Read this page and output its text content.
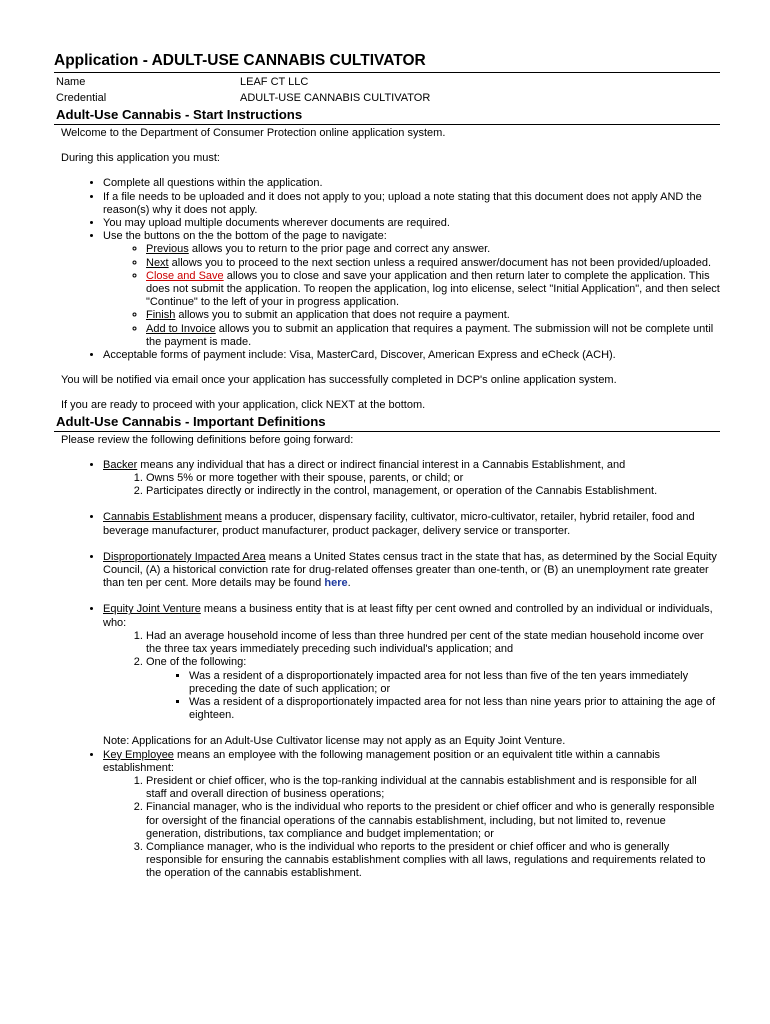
Application - ADULT-USE CANNABIS CULTIVATOR
Name	LEAF CT LLC
Credential	ADULT-USE CANNABIS CULTIVATOR
Adult-Use Cannabis - Start Instructions

Welcome to the Department of Consumer Protection online application system.

During this application you must:

• Complete all questions within the application.
• If a file needs to be uploaded and it does not apply to you; upload a note stating that this document does not apply AND the reason(s) why it does not apply.
• You may upload multiple documents wherever documents are required.
• Use the buttons on the the bottom of the page to navigate:
◦ Previous allows you to return to the prior page and correct any answer.
◦ Next allows you to proceed to the next section unless a required answer/document has not been provided/uploaded.
◦ Close and Save allows you to close and save your application and then return later to complete the application. This does not submit the application. To reopen the application, log into elicense, select "Initial Application", and then select "Continue" to the left of your in progress application.
◦ Finish allows you to submit an application that does not require a payment.
◦ Add to Invoice allows you to submit an application that requires a payment. The submission will not be complete until the payment is made.
• Acceptable forms of payment include: Visa, MasterCard, Discover, American Express and eCheck (ACH).

You will be notified via email once your application has successfully completed in DCP's online application system.

If you are ready to proceed with your application, click NEXT at the bottom.

Adult-Use Cannabis - Important Definitions

Please review the following definitions before going forward:

• Backer means any individual that has a direct or indirect financial interest in a Cannabis Establishment, and
1. Owns 5% or more together with their spouse, parents, or child; or
2. Participates directly or indirectly in the control, management, or operation of the Cannabis Establishment.
• Cannabis Establishment means a producer, dispensary facility, cultivator, micro-cultivator, retailer, hybrid retailer, food and beverage manufacturer, product manufacturer, product packager, delivery service or transporter.
• Disproportionately Impacted Area means a United States census tract in the state that has, as determined by the Social Equity Council, (A) a historical conviction rate for drug-related offenses greater than one-tenth, or (B) an unemployment rate greater than ten per cent. More details may be found here.
• Equity Joint Venture means a business entity that is at least fifty per cent owned and controlled by an individual or individuals, who:
1. Had an average household income of less than three hundred per cent of the state median household income over the three tax years immediately preceding such individual's application; and
2. One of the following:
▪ Was a resident of a disproportionately impacted area for not less than five of the ten years immediately preceding the date of such application; or
▪ Was a resident of a disproportionately impacted area for not less than nine years prior to attaining the age of eighteen.
Note: Applications for an Adult-Use Cultivator license may not apply as an Equity Joint Venture.
• Key Employee means an employee with the following management position or an equivalent title within a cannabis establishment:
1. President or chief officer, who is the top-ranking individual at the cannabis establishment and is responsible for all staff and overall direction of business operations;
2. Financial manager, who is the individual who reports to the president or chief officer and who is generally responsible for oversight of the financial operations of the cannabis establishment, including, but not limited to, revenue generation, distributions, tax compliance and budget implementation; or
3. Compliance manager, who is the individual who reports to the president or chief officer and who is generally responsible for ensuring the cannabis establishment complies with all laws, regulations and requirements related to the operation of the cannabis establishment.
